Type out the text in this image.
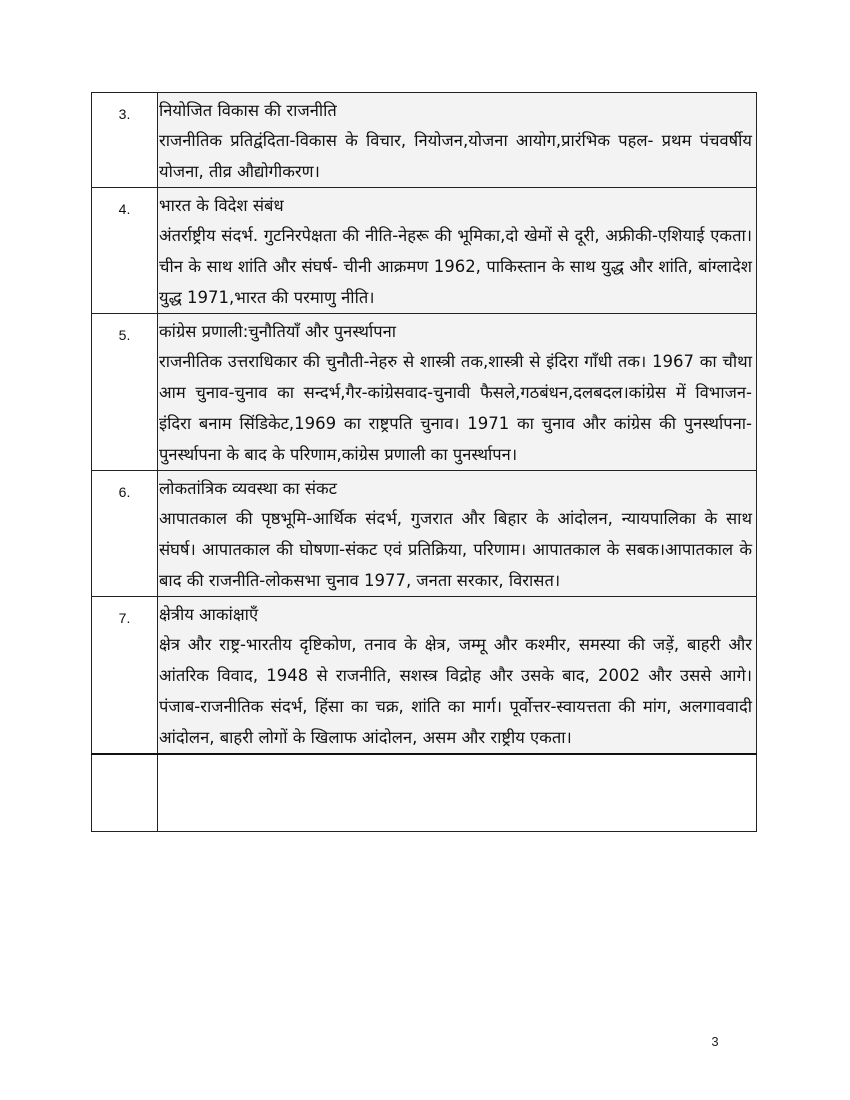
3.	नियोजित विकास की राजनीति
राजनीतिक प्रतिद्वंदिता-विकास के विचार, नियोजन,योजना आयोग,प्रारंभिक पहल- प्रथम पंचवर्षीय योजना, तीव्र औद्योगीकरण।

4.	भारत के विदेश संबंध
अंतर्राष्ट्रीय संदर्भ. गुटनिरपेक्षता की नीति-नेहरू की भूमिका,दो खेमों से दूरी, अफ्रीकी-एशियाई एकता। चीन के साथ शांति और संघर्ष- चीनी आक्रमण 1962, पाकिस्तान के साथ युद्ध और शांति, बांग्लादेश युद्ध 1971,भारत की परमाणु नीति।

5.	कांग्रेस प्रणाली:चुनौतियाँ और पुनर्स्थापना
राजनीतिक उत्तराधिकार की चुनौती-नेहरु से शास्त्री तक,शास्त्री से इंदिरा गाँधी तक। 1967 का चौथा आम चुनाव-चुनाव का सन्दर्भ,गैर-कांग्रेसवाद-चुनावी फैसले,गठबंधन,दलबदल।कांग्रेस में विभाजन-इंदिरा बनाम सिंडिकेट,1969 का राष्ट्रपति चुनाव। 1971 का चुनाव और कांग्रेस की पुनर्स्थापना-पुनर्स्थापना के बाद के परिणाम,कांग्रेस प्रणाली का पुनर्स्थापन।

6.	लोकतांत्रिक व्यवस्था का संकट
आपातकाल की पृष्ठभूमि-आर्थिक संदर्भ, गुजरात और बिहार के आंदोलन, न्यायपालिका के साथ संघर्ष। आपातकाल की घोषणा-संकट एवं प्रतिक्रिया, परिणाम। आपातकाल के सबक।आपातकाल के बाद की राजनीति-लोकसभा चुनाव 1977, जनता सरकार, विरासत।

7.	क्षेत्रीय आकांक्षाएँ
क्षेत्र और राष्ट्र-भारतीय दृष्टिकोण, तनाव के क्षेत्र, जम्मू और कश्मीर, समस्या की जड़ें, बाहरी और आंतरिक विवाद, 1948 से राजनीति, सशस्त्र विद्रोह और उसके बाद, 2002 और उससे आगे। पंजाब-राजनीतिक संदर्भ, हिंसा का चक्र, शांति का मार्ग। पूर्वोत्तर-स्वायत्तता की मांग, अलगाववादी आंदोलन, बाहरी लोगों के खिलाफ आंदोलन, असम और राष्ट्रीय एकता।

3
